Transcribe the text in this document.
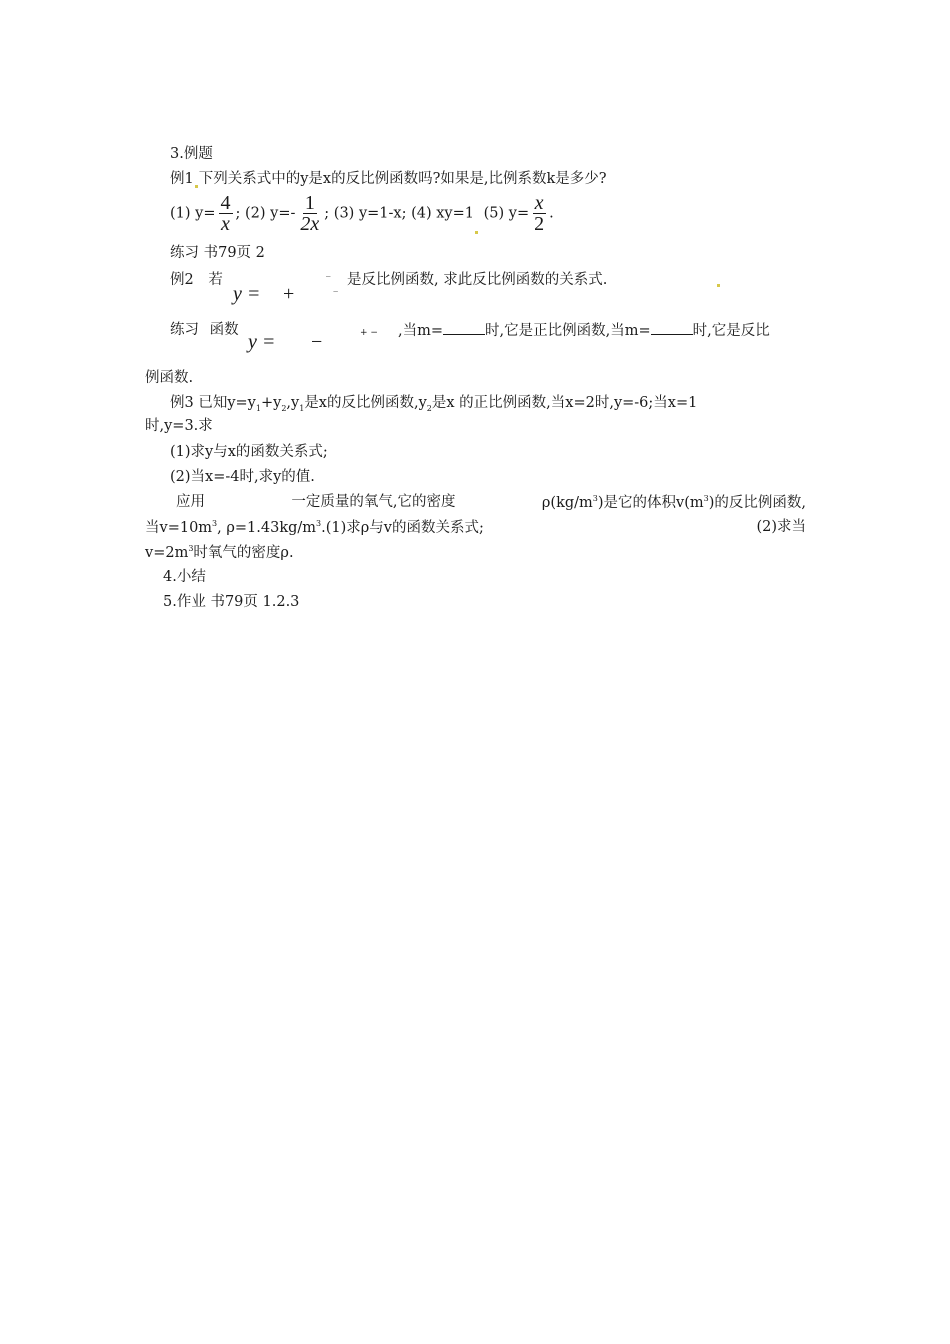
3.例题
例1 下列关系式中的y是x的反比例函数吗?如果是,比例系数k是多少?
(1) $y= \frac{4}{x}$ ; (2) $y=- \frac{1}{2x}$ ; (3) y=1-x; (4) xy=1 (5) $y= \frac{x}{2}$ .
练习 书79页 2
例2 若
y = +
‾ _ 是反比例函数, 求此反比例函数的关系式.
练习 函数
y = −	+ − ,当m=	时,它是正比例函数,当m=	时,它是反比
例函数.
例3 已知$y=y_1+y_2,y_1$是x的反比例函数$,y_2$是x 的正比例函数,当x=2时,y=-6;当x=1
时,y=3.求
(1)求y与x的函数关系式;
(2)当x=-4时,求y的值.
应用	一定质量的氧气,它的密度	$\rho(kg/m^3)$是它的体积$v(m^3)$的反比例函数,
当$v=10m^3$, $\rho=1.43kg/m^3.(1)$求ρ与v的函数关系式;	(2)求当
$v=2m^3$时氧气的密度ρ.
4.小结
5.作业 书79页 1.2.3
